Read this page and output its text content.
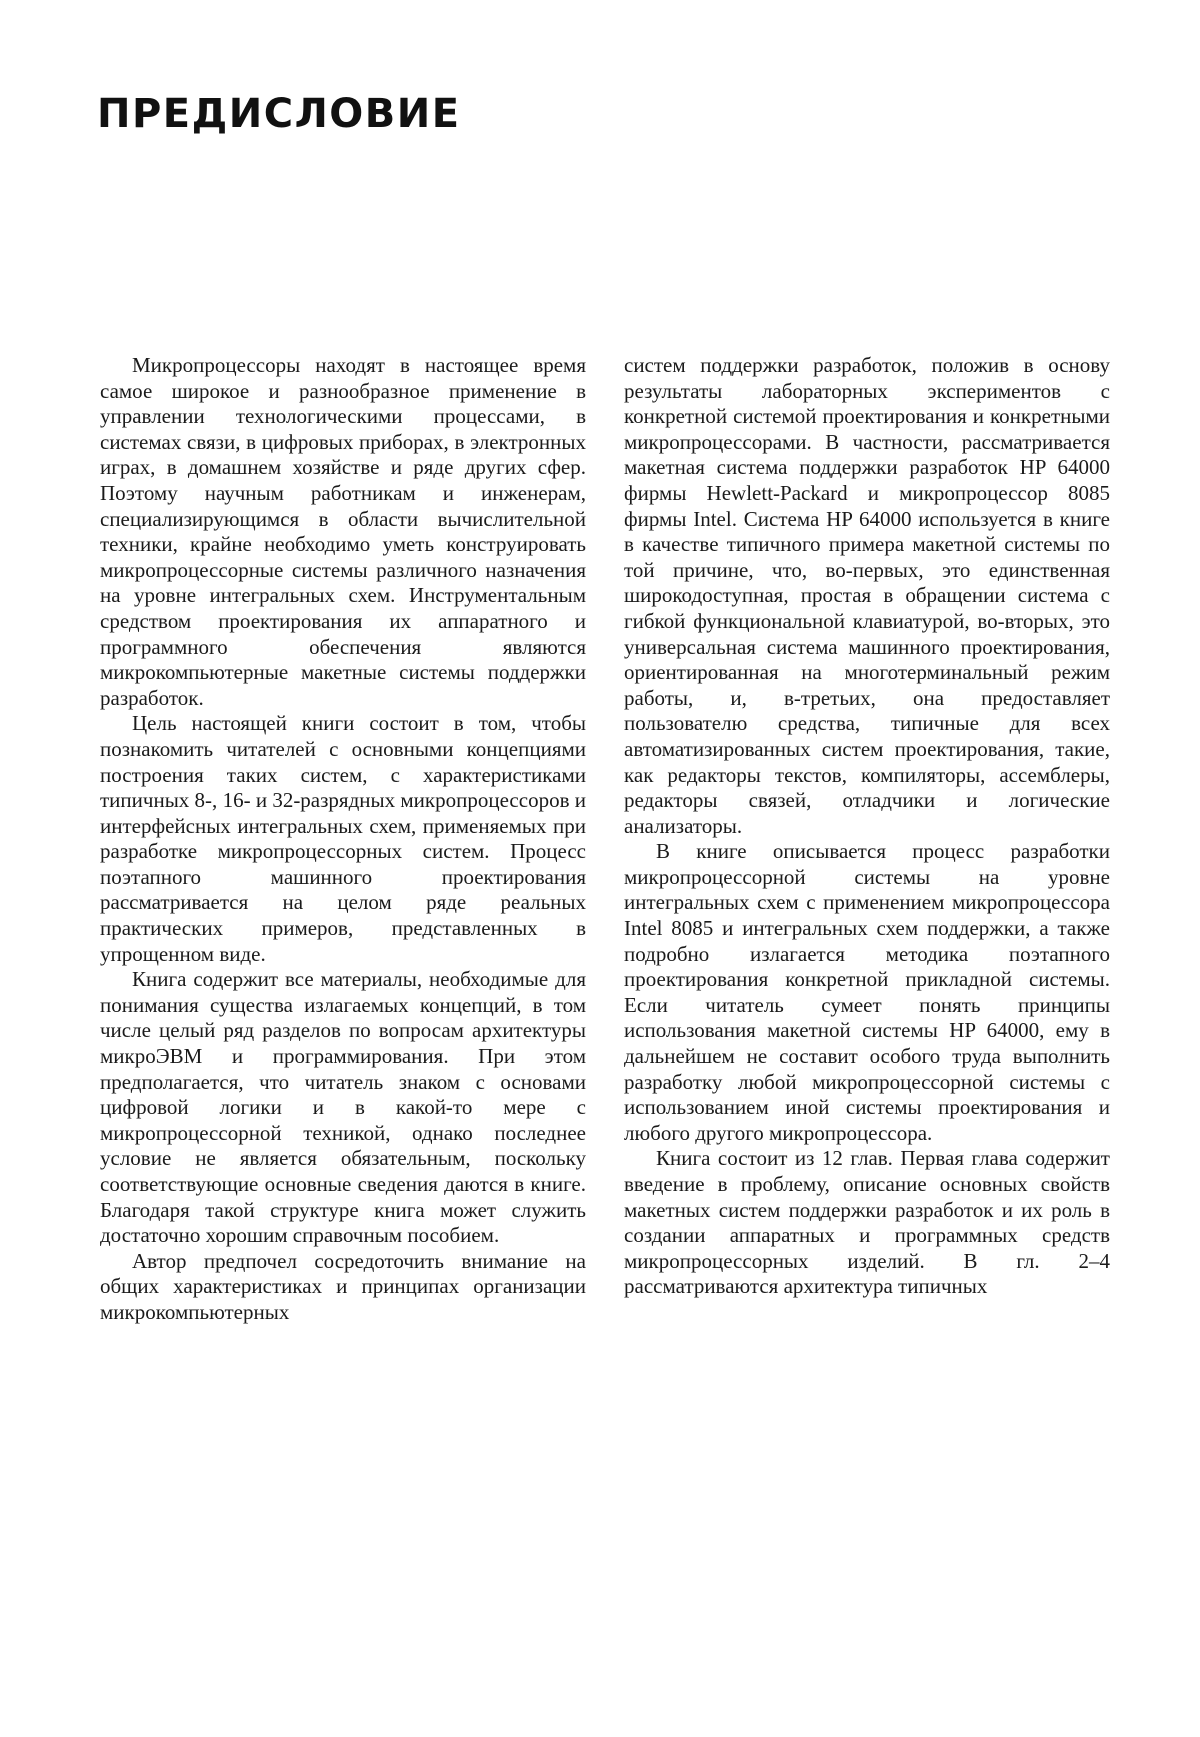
ПРЕДИСЛОВИЕ

Микропроцессоры находят в настоящее время самое широкое и разнообразное применение в управлении технологическими процессами, в системах связи, в цифровых приборах, в электронных играх, в домашнем хозяйстве и ряде других сфер. Поэтому научным работникам и инженерам, специализирующимся в области вычислительной техники, крайне необходимо уметь конструировать микропроцессорные системы различного назначения на уровне интегральных схем. Инструментальным средством проектирования их аппаратного и программного обеспечения являются микрокомпьютерные макетные системы поддержки разработок.

Цель настоящей книги состоит в том, чтобы познакомить читателей с основными концепциями построения таких систем, с характеристиками типичных 8-, 16- и 32-разрядных микропроцессоров и интерфейсных интегральных схем, применяемых при разработке микропроцессорных систем. Процесс поэтапного машинного проектирования рассматривается на целом ряде реальных практических примеров, представленных в упрощенном виде.

Книга содержит все материалы, необходимые для понимания существа излагаемых концепций, в том числе целый ряд разделов по вопросам архитектуры микроЭВМ и программирования. При этом предполагается, что читатель знаком с основами цифровой логики и в какой-то мере с микропроцессорной техникой, однако последнее условие не является обязательным, поскольку соответствующие основные сведения даются в книге. Благодаря такой структуре книга может служить достаточно хорошим справочным пособием.

Автор предпочел сосредоточить внимание на общих характеристиках и принципах организации микрокомпьютерных

систем поддержки разработок, положив в основу результаты лабораторных экспериментов с конкретной системой проектирования и конкретными микропроцессорами. В частности, рассматривается макетная система поддержки разработок HP 64000 фирмы Hewlett-Packard и микропроцессор 8085 фирмы Intel. Система HP 64000 используется в книге в качестве типичного примера макетной системы по той причине, что, во-первых, это единственная широкодоступная, простая в обращении система с гибкой функциональной клавиатурой, во-вторых, это универсальная система машинного проектирования, ориентированная на многотерминальный режим работы, и, в-третьих, она предоставляет пользователю средства, типичные для всех автоматизированных систем проектирования, такие, как редакторы текстов, компиляторы, ассемблеры, редакторы связей, отладчики и логические анализаторы.

В книге описывается процесс разработки микропроцессорной системы на уровне интегральных схем с применением микропроцессора Intel 8085 и интегральных схем поддержки, а также подробно излагается методика поэтапного проектирования конкретной прикладной системы. Если читатель сумеет понять принципы использования макетной системы HP 64000, ему в дальнейшем не составит особого труда выполнить разработку любой микропроцессорной системы с использованием иной системы проектирования и любого другого микропроцессора.

Книга состоит из 12 глав. Первая глава содержит введение в проблему, описание основных свойств макетных систем поддержки разработок и их роль в создании аппаратных и программных средств микропроцессорных изделий. В гл. 2–4 рассматриваются архитектура типичных
